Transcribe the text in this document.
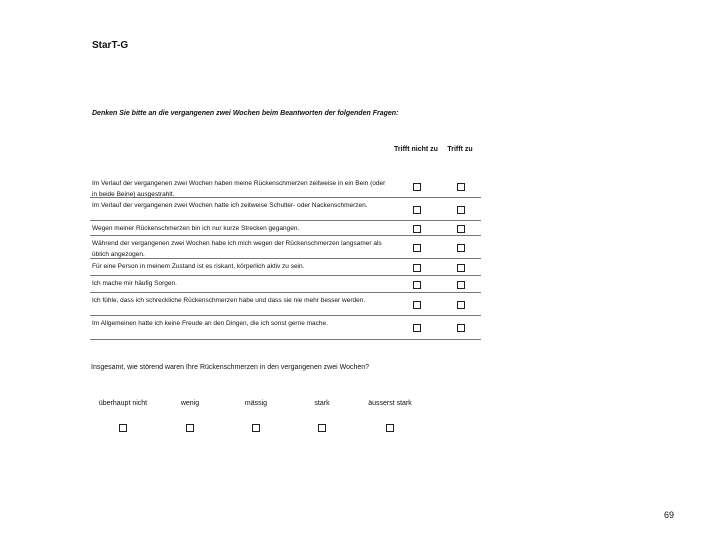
StarT-G
Denken Sie bitte an die vergangenen zwei Wochen beim Beantworten der folgenden Fragen:
Trifft nicht zu	Trifft zu
Im Verlauf der vergangenen zwei Wochen haben meine Rückenschmerzen zeitweise in ein Bein (oder in beide Beine) ausgestrahlt.
Im Verlauf der vergangenen zwei Wochen hatte ich zeitweise Schulter- oder Nackenschmerzen.
Wegen meiner Rückenschmerzen bin ich nur kurze Strecken gegangen.
Während der vergangenen zwei Wochen habe ich mich wegen der Rückenschmerzen langsamer als üblich angezogen.
Für eine Person in meinem Zustand ist es riskant, körperlich aktiv zu sein.
Ich mache mir häufig Sorgen.
Ich fühle, dass ich schreckliche Rückenschmerzen habe und dass sie nie mehr besser werden.
Im Allgemeinen hatte ich keine Freude an den Dingen, die ich sonst gerne mache.
Insgesamt, wie störend waren Ihre Rückenschmerzen in den vergangenen zwei Wochen?
überhaupt nicht	wenig	mässig	stark	äusserst stark
69
